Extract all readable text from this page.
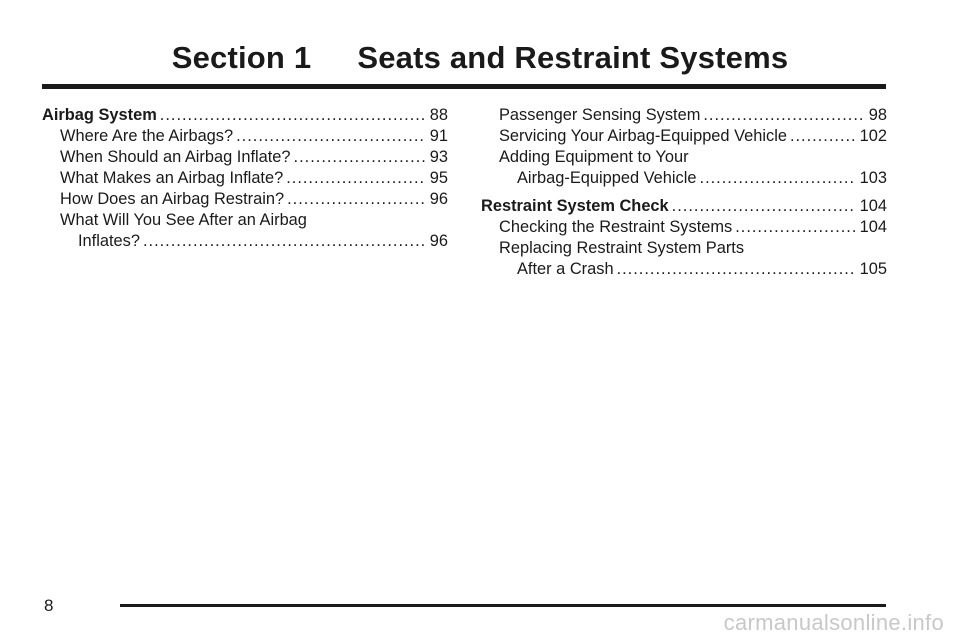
Section 1 Seats and Restraint Systems
Airbag System .....	88
Where Are the Airbags? .....	91
When Should an Airbag Inflate? .....	93
What Makes an Airbag Inflate? .....	95
How Does an Airbag Restrain? .....	96
What Will You See After an Airbag
Inflates? .....	96
Passenger Sensing System .....	98
Servicing Your Airbag-Equipped Vehicle .....	102
Adding Equipment to Your
Airbag-Equipped Vehicle .....	103
Restraint System Check .....	104
Checking the Restraint Systems .....	104
Replacing Restraint System Parts
After a Crash .....	105
8
carmanualsonline.info
